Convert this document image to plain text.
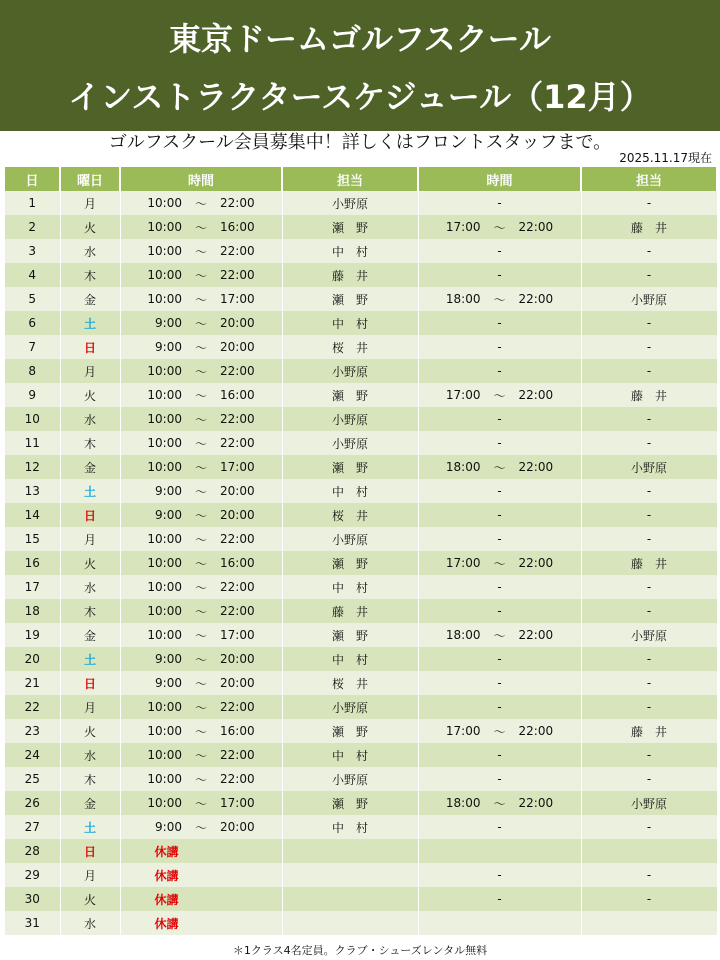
東京ドームゴルフスクール
インストラクタースケジュール（12月）
ゴルフスクール会員募集中！詳しくはフロントスタッフまで。
2025.11.17現在
日	曜日	時間	担当	時間	担当
1	月	10:00 ～ 22:00	小野原	-	-
2	火	10:00 ～ 16:00	瀬　野	17:00 ～ 22:00	藤　井
3	水	10:00 ～ 22:00	中　村	-	-
4	木	10:00 ～ 22:00	藤　井	-	-
5	金	10:00 ～ 17:00	瀬　野	18:00 ～ 22:00	小野原
6	土	9:00 ～ 20:00	中　村	-	-
7	日	9:00 ～ 20:00	桜　井	-	-
8	月	10:00 ～ 22:00	小野原	-	-
9	火	10:00 ～ 16:00	瀬　野	17:00 ～ 22:00	藤　井
10	水	10:00 ～ 22:00	小野原	-	-
11	木	10:00 ～ 22:00	小野原	-	-
12	金	10:00 ～ 17:00	瀬　野	18:00 ～ 22:00	小野原
13	土	9:00 ～ 20:00	中　村	-	-
14	日	9:00 ～ 20:00	桜　井	-	-
15	月	10:00 ～ 22:00	小野原	-	-
16	火	10:00 ～ 16:00	瀬　野	17:00 ～ 22:00	藤　井
17	水	10:00 ～ 22:00	中　村	-	-
18	木	10:00 ～ 22:00	藤　井	-	-
19	金	10:00 ～ 17:00	瀬　野	18:00 ～ 22:00	小野原
20	土	9:00 ～ 20:00	中　村	-	-
21	日	9:00 ～ 20:00	桜　井	-	-
22	月	10:00 ～ 22:00	小野原	-	-
23	火	10:00 ～ 16:00	瀬　野	17:00 ～ 22:00	藤　井
24	水	10:00 ～ 22:00	中　村	-	-
25	木	10:00 ～ 22:00	小野原	-	-
26	金	10:00 ～ 17:00	瀬　野	18:00 ～ 22:00	小野原
27	土	9:00 ～ 20:00	中　村	-	-
28	日	休講			
29	月	休講		-	-
30	火	休講		-	-
31	水	休講			
＊1クラス4名定員。クラブ・シューズレンタル無料
